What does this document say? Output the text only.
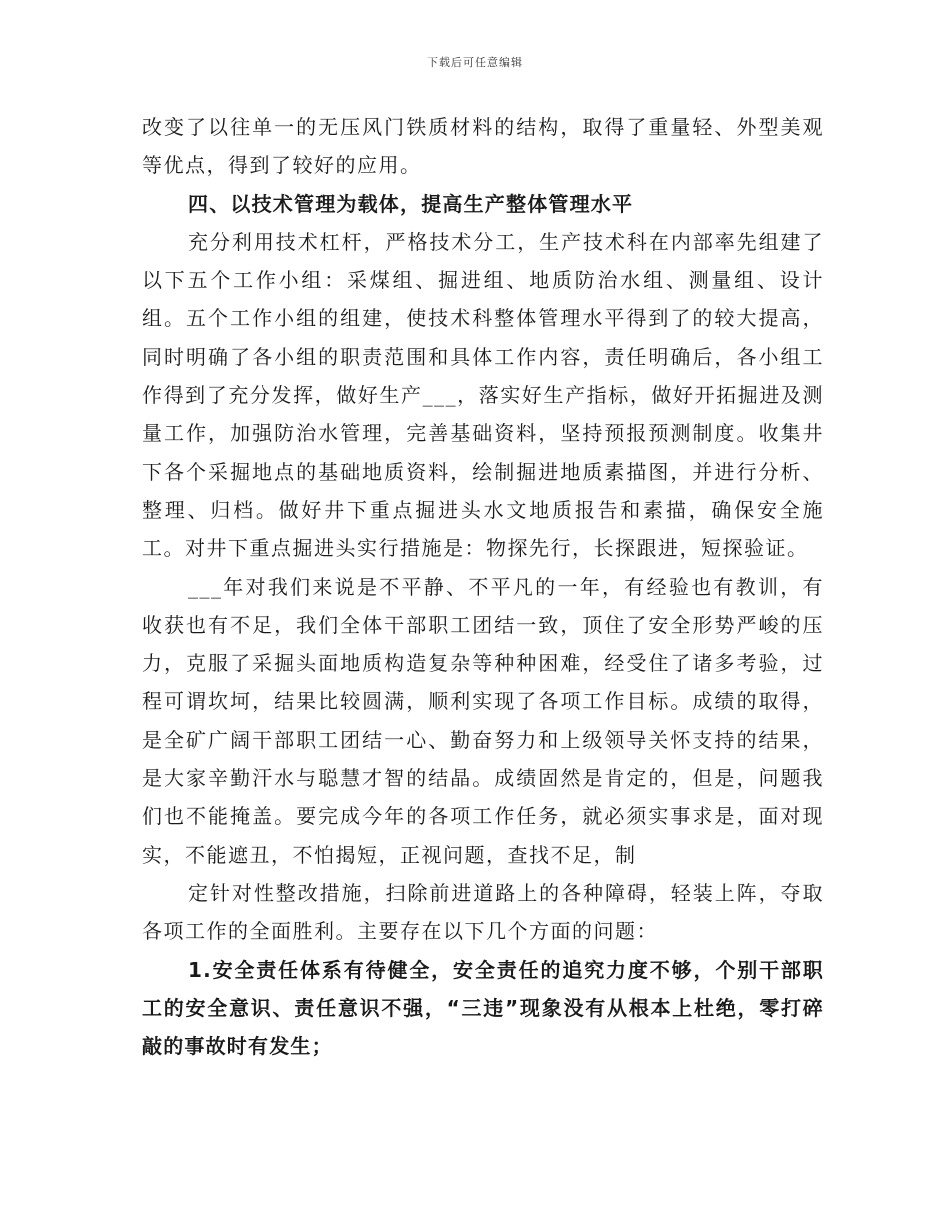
下载后可任意编辑

改变了以往单一的无压风门铁质材料的结构，取得了重量轻、外型美观等优点，得到了较好的应用。

四、以技术管理为载体，提高生产整体管理水平

充分利用技术杠杆，严格技术分工，生产技术科在内部率先组建了以下五个工作小组：采煤组、掘进组、地质防治水组、测量组、设计组。五个工作小组的组建，使技术科整体管理水平得到了的较大提高，同时明确了各小组的职责范围和具体工作内容，责任明确后，各小组工作得到了充分发挥，做好生产___，落实好生产指标，做好开拓掘进及测量工作，加强防治水管理，完善基础资料，坚持预报预测制度。收集井下各个采掘地点的基础地质资料，绘制掘进地质素描图，并进行分析、整理、归档。做好井下重点掘进头水文地质报告和素描，确保安全施工。对井下重点掘进头实行措施是：物探先行，长探跟进，短探验证。

___年对我们来说是不平静、不平凡的一年，有经验也有教训，有收获也有不足，我们全体干部职工团结一致，顶住了安全形势严峻的压力，克服了采掘头面地质构造复杂等种种困难，经受住了诸多考验，过程可谓坎坷，结果比较圆满，顺利实现了各项工作目标。成绩的取得，是全矿广阔干部职工团结一心、勤奋努力和上级领导关怀支持的结果，是大家辛勤汗水与聪慧才智的结晶。成绩固然是肯定的，但是，问题我们也不能掩盖。要完成今年的各项工作任务，就必须实事求是，面对现实，不能遮丑，不怕揭短，正视问题，查找不足，制

定针对性整改措施，扫除前进道路上的各种障碍，轻装上阵，夺取各项工作的全面胜利。主要存在以下几个方面的问题：

1.安全责任体系有待健全，安全责任的追究力度不够，个别干部职工的安全意识、责任意识不强，“三违”现象没有从根本上杜绝，零打碎敲的事故时有发生；
